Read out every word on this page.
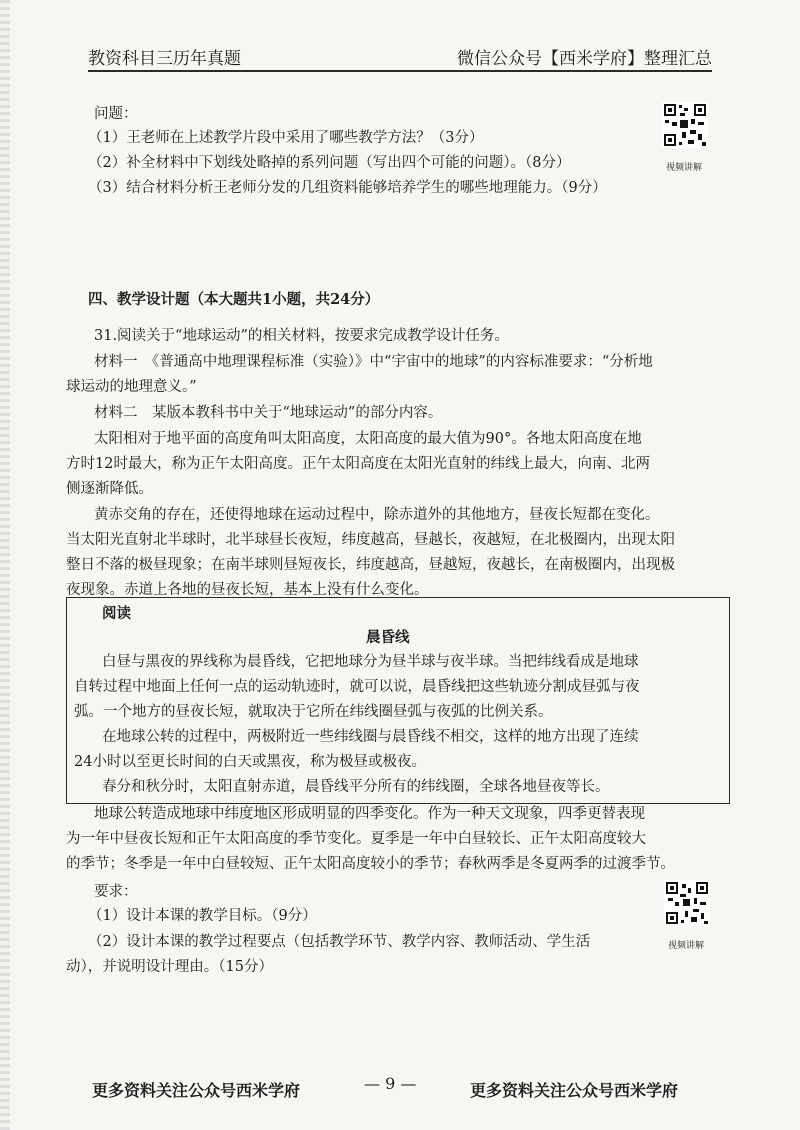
教资科目三历年真题	微信公众号【西米学府】整理汇总
问题：
（1）王老师在上述教学片段中采用了哪些教学方法？（3分）
（2）补全材料中下划线处略掉的系列问题（写出四个可能的问题）。（8分）
（3）结合材料分析王老师分发的几组资料能够培养学生的哪些地理能力。（9分）
视频讲解
四、教学设计题（本大题共1小题，共24分）
31.阅读关于“地球运动”的相关材料，按要求完成教学设计任务。
材料一　《普通高中地理课程标准（实验）》中“宇宙中的地球”的内容标准要求：“分析地
球运动的地理意义。”
材料二　某版本教科书中关于“地球运动”的部分内容。
太阳相对于地平面的高度角叫太阳高度，太阳高度的最大值为90°。各地太阳高度在地
方时12时最大，称为正午太阳高度。正午太阳高度在太阳光直射的纬线上最大，向南、北两
侧逐渐降低。
黄赤交角的存在，还使得地球在运动过程中，除赤道外的其他地方，昼夜长短都在变化。
当太阳光直射北半球时，北半球昼长夜短，纬度越高，昼越长，夜越短，在北极圈内，出现太阳
整日不落的极昼现象；在南半球则昼短夜长，纬度越高，昼越短，夜越长，在南极圈内，出现极
夜现象。赤道上各地的昼夜长短，基本上没有什么变化。
阅读
晨昏线
白昼与黑夜的界线称为晨昏线，它把地球分为昼半球与夜半球。当把纬线看成是地球
自转过程中地面上任何一点的运动轨迹时，就可以说，晨昏线把这些轨迹分割成昼弧与夜
弧。一个地方的昼夜长短，就取决于它所在纬线圈昼弧与夜弧的比例关系。
在地球公转的过程中，两极附近一些纬线圈与晨昏线不相交，这样的地方出现了连续
24小时以至更长时间的白天或黑夜，称为极昼或极夜。
春分和秋分时，太阳直射赤道，晨昏线平分所有的纬线圈，全球各地昼夜等长。
地球公转造成地球中纬度地区形成明显的四季变化。作为一种天文现象，四季更替表现
为一年中昼夜长短和正午太阳高度的季节变化。夏季是一年中白昼较长、正午太阳高度较大
的季节；冬季是一年中白昼较短、正午太阳高度较小的季节；春秋两季是冬夏两季的过渡季节。
要求：
（1）设计本课的教学目标。（9分）
（2）设计本课的教学过程要点（包括教学环节、教学内容、教师活动、学生活
动），并说明设计理由。（15分）
视频讲解
更多资料关注公众号西米学府	— 9 —	更多资料关注公众号西米学府
